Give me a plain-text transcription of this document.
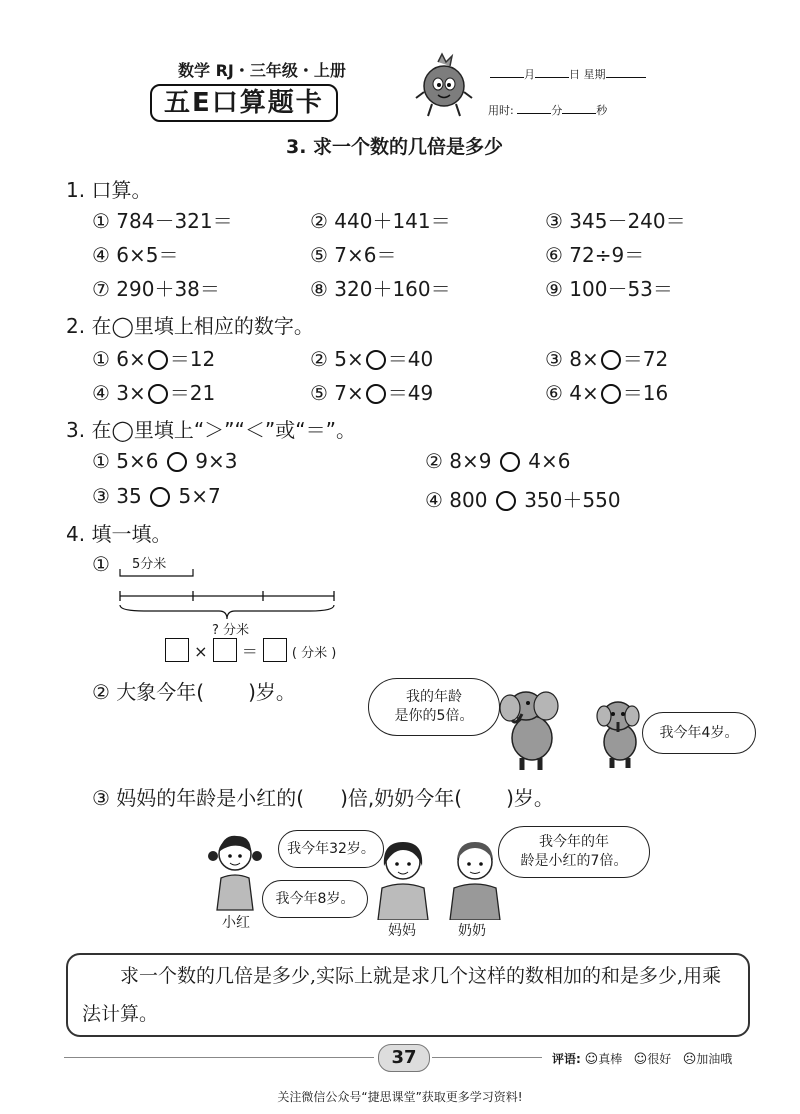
数学 RJ・三年级・上册
五E口算题卡
月	日 星期
用时:	分	秒
3. 求一个数的几倍是多少
1. 口算。
① 784－321＝	② 440＋141＝	③ 345－240＝
④ 6×5＝	⑤ 7×6＝	⑥ 72÷9＝
⑦ 290＋38＝	⑧ 320＋160＝	⑨ 100－53＝
2. 在◯里填上相应的数字。
① 6× ＝12	② 5× ＝40	③ 8× ＝72
④ 3× ＝21	⑤ 7× ＝49	⑥ 4× ＝16
3. 在◯里填上“＞”“＜”或“＝”。
① 5×6 9×3	② 8×9 4×6
③ 35 5×7	④ 800 350＋550
4. 填一填。
① 5分米
? 分米
× ＝	( 分米 )
② 大象今年( )岁。	我的年龄
是你的5倍。
我今年4岁。
③ 妈妈的年龄是小红的( )倍,奶奶今年( )岁。
小红
我今年32岁。
我今年8岁。
妈妈	奶奶
我今年的年
龄是小红的7倍。
求一个数的几倍是多少,实际上就是求几个这样的数相加的和是多少,用乘法计算。
37	评语: ☺真棒 ☺很好 ☹加油哦
关注微信公众号“捷思课堂”获取更多学习资料!
